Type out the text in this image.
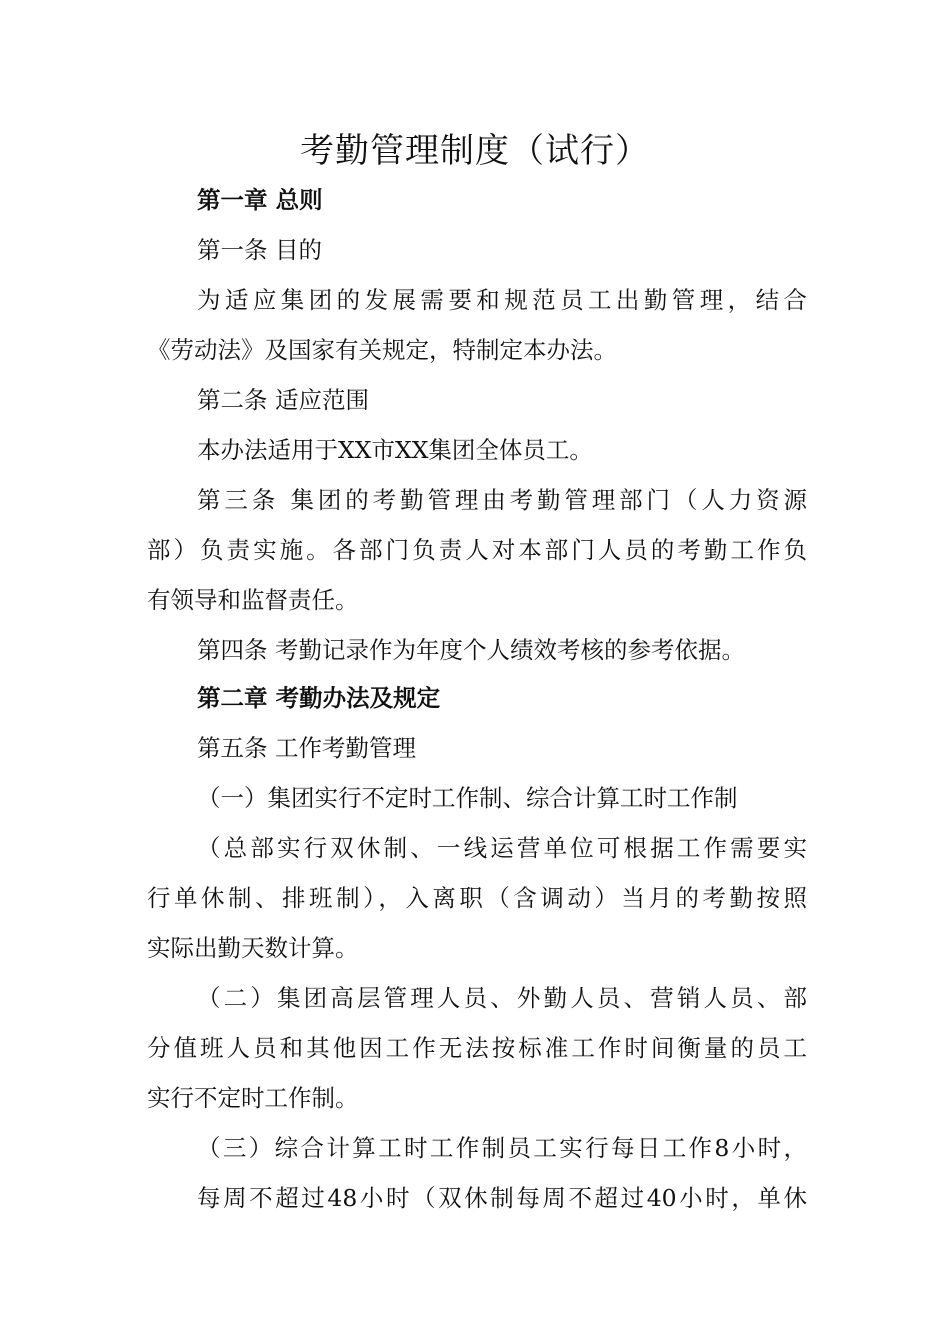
考勤管理制度（试行）
第一章 总则
第一条 目的
为适应集团的发展需要和规范员工出勤管理，结合
《劳动法》及国家有关规定，特制定本办法。
第二条 适应范围
本办法适用于XX市XX集团全体员工。
第三条 集团的考勤管理由考勤管理部门（人力资源
部）负责实施。各部门负责人对本部门人员的考勤工作负
有领导和监督责任。
第四条 考勤记录作为年度个人绩效考核的参考依据。
第二章 考勤办法及规定
第五条 工作考勤管理
（一）集团实行不定时工作制、综合计算工时工作制
（总部实行双休制、一线运营单位可根据工作需要实
行单休制、排班制），入离职（含调动）当月的考勤按照
实际出勤天数计算。
（二）集团高层管理人员、外勤人员、营销人员、部
分值班人员和其他因工作无法按标准工作时间衡量的员工
实行不定时工作制。
（三）综合计算工时工作制员工实行每日工作8小时，
每周不超过48小时（双休制每周不超过40小时，单休
